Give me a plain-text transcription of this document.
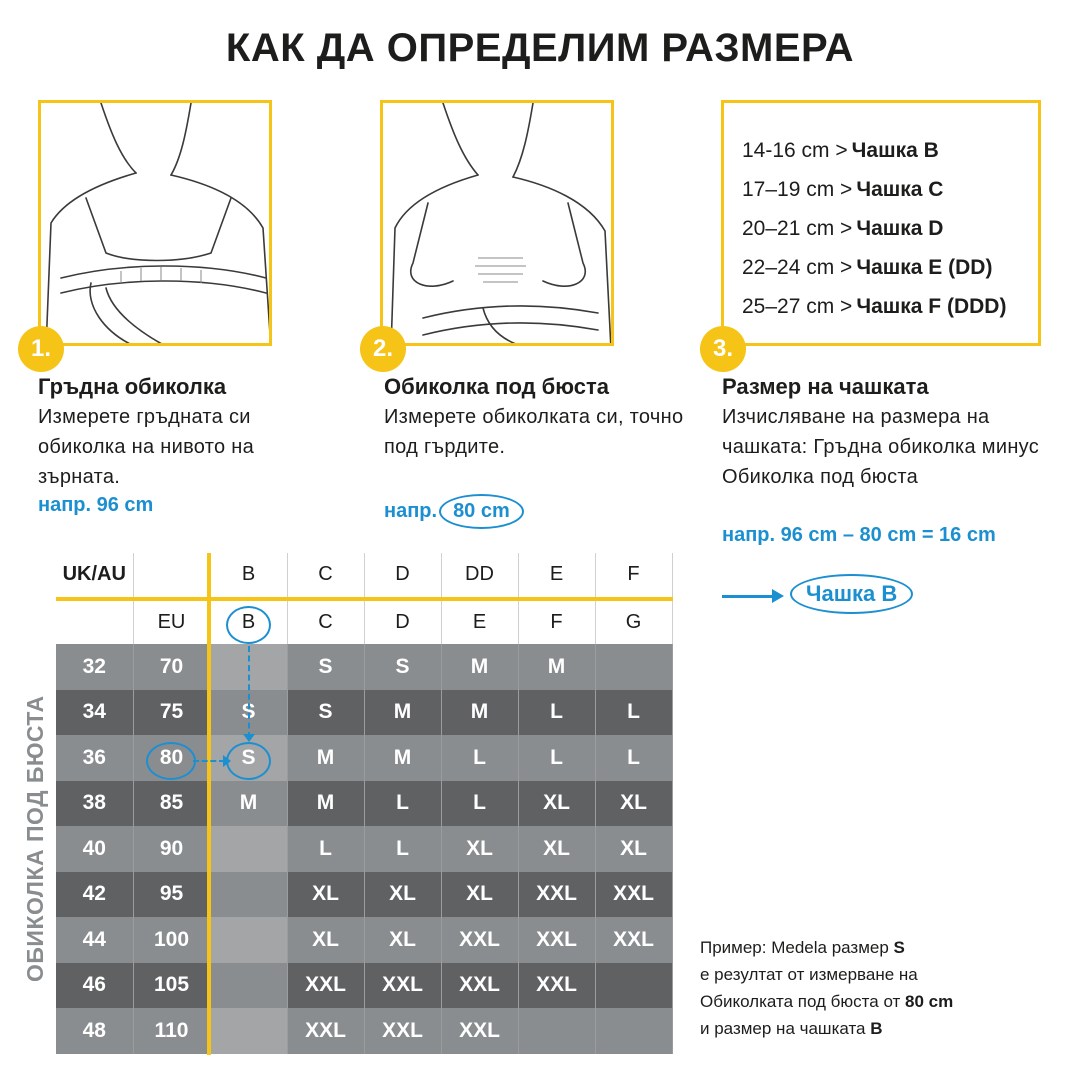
КАК ДА ОПРЕДЕЛИМ РАЗМЕРА
14-16 cm > Чашка B
17–19 cm > Чашка C
20–21 cm > Чашка D
22–24 cm > Чашка E (DD)
25–27 cm > Чашка F (DDD)
1.	2.	3.
Гръдна обиколка
Измерете гръдната си обиколка на нивото на зърната.
Обиколка под бюста
Измерете обиколката си, точно под гърдите.
Размер на чашката
Изчисляване на размера на чашката: Гръдна обиколка минус Обиколка под бюста
напр. 96 cm	напр. 80 cm
напр. 96 cm – 80 cm = 16 cm
Чашка B
ОБИКОЛКА ПОД БЮСТА
UK/AU		B	C	D	DD	E	F
	EU	B	C	D	E	F	G
32	70		S	S	M	M	
34	75	S	S	M	M	L	L
36	80	S	M	M	L	L	L
38	85	M	M	L	L	XL	XL
40	90		L	L	XL	XL	XL
42	95		XL	XL	XL	XXL	XXL
44	100		XL	XL	XXL	XXL	XXL
46	105		XXL	XXL	XXL	XXL	
48	110		XXL	XXL	XXL		
Пример: Medela размер S
е резултат от измерване на
Обиколката под бюста от 80 cm
и размер на чашката B
